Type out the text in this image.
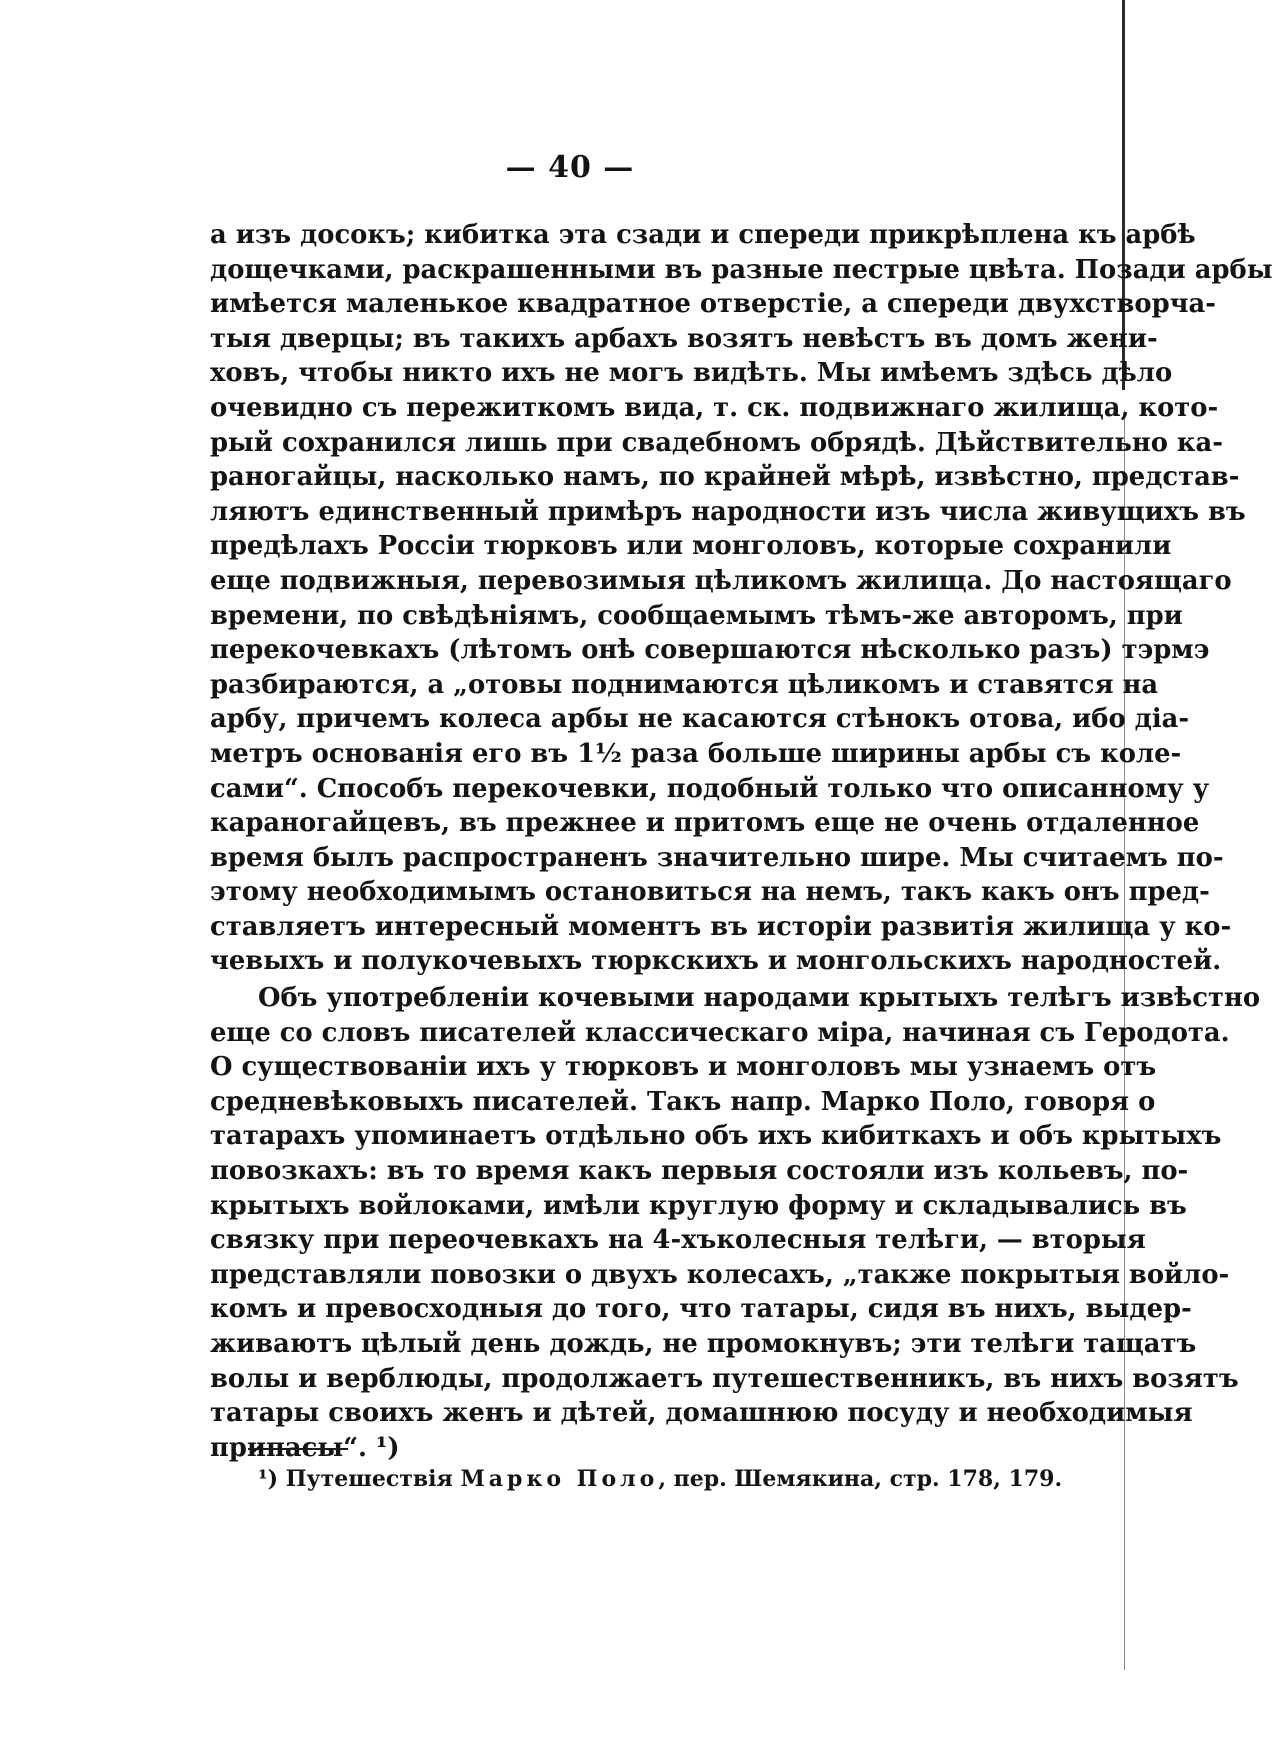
— 40 —

а изъ досокъ; кибитка эта сзади и спереди прикрѣплена къ арбѣ
дощечками, раскрашенными въ разные пестрые цвѣта. Позади арбы
имѣется маленькое квадратное отверстіе, а спереди двухстворча-
тыя дверцы; въ такихъ арбахъ возятъ невѣстъ въ домъ жени-
ховъ, чтобы никто ихъ не могъ видѣть. Мы имѣемъ здѣсь дѣло
очевидно съ пережиткомъ вида, т. ск. подвижнаго жилища, кото-
рый сохранился лишь при свадебномъ обрядѣ. Дѣйствительно ка-
раногайцы, насколько намъ, по крайней мѣрѣ, извѣстно, представ-
ляютъ единственный примѣръ народности изъ числа живущихъ въ
предѣлахъ Россіи тюрковъ или монголовъ, которые сохранили
еще подвижныя, перевозимыя цѣликомъ жилища. До настоящаго
времени, по свѣдѣніямъ, сообщаемымъ тѣмъ-же авторомъ, при
перекочевкахъ (лѣтомъ онѣ совершаются нѣсколько разъ) тэрмэ
разбираются, а „отовы поднимаются цѣликомъ и ставятся на
арбу, причемъ колеса арбы не касаются стѣнокъ отова, ибо діа-
метръ основанія его въ 1½ раза больше ширины арбы съ коле-
сами“. Способъ перекочевки, подобный только что описанному у
караногайцевъ, въ прежнее и притомъ еще не очень отдаленное
время былъ распространенъ значительно шире. Мы считаемъ по-
этому необходимымъ остановиться на немъ, такъ какъ онъ пред-
ставляетъ интересный моментъ въ исторіи развитія жилища у ко-
чевыхъ и полукочевыхъ тюркскихъ и монгольскихъ народностей.

Объ употребленіи кочевыми народами крытыхъ телѣгъ извѣстно
еще со словъ писателей классическаго міра, начиная съ Геродота.
О существованіи ихъ у тюрковъ и монголовъ мы узнаемъ отъ
средневѣковыхъ писателей. Такъ напр. Марко Поло, говоря о
татарахъ упоминаетъ отдѣльно объ ихъ кибиткахъ и объ крытыхъ
повозкахъ: въ то время какъ первыя состояли изъ кольевъ, по-
крытыхъ войлоками, имѣли круглую форму и складывались въ
связку при переочевкахъ на 4-хъколесныя телѣги, — вторыя
представляли повозки о двухъ колесахъ, „также покрытыя войло-
комъ и превосходныя до того, что татары, сидя въ нихъ, выдер-
живаютъ цѣлый день дождь, не промокнувъ; эти телѣги тащатъ
волы и верблюды, продолжаетъ путешественникъ, въ нихъ возятъ
татары своихъ женъ и дѣтей, домашнюю посуду и необходимыя
припасы“. ¹)

¹) Путешествія Марко Поло, пер. Шемякина, стр. 178, 179.
